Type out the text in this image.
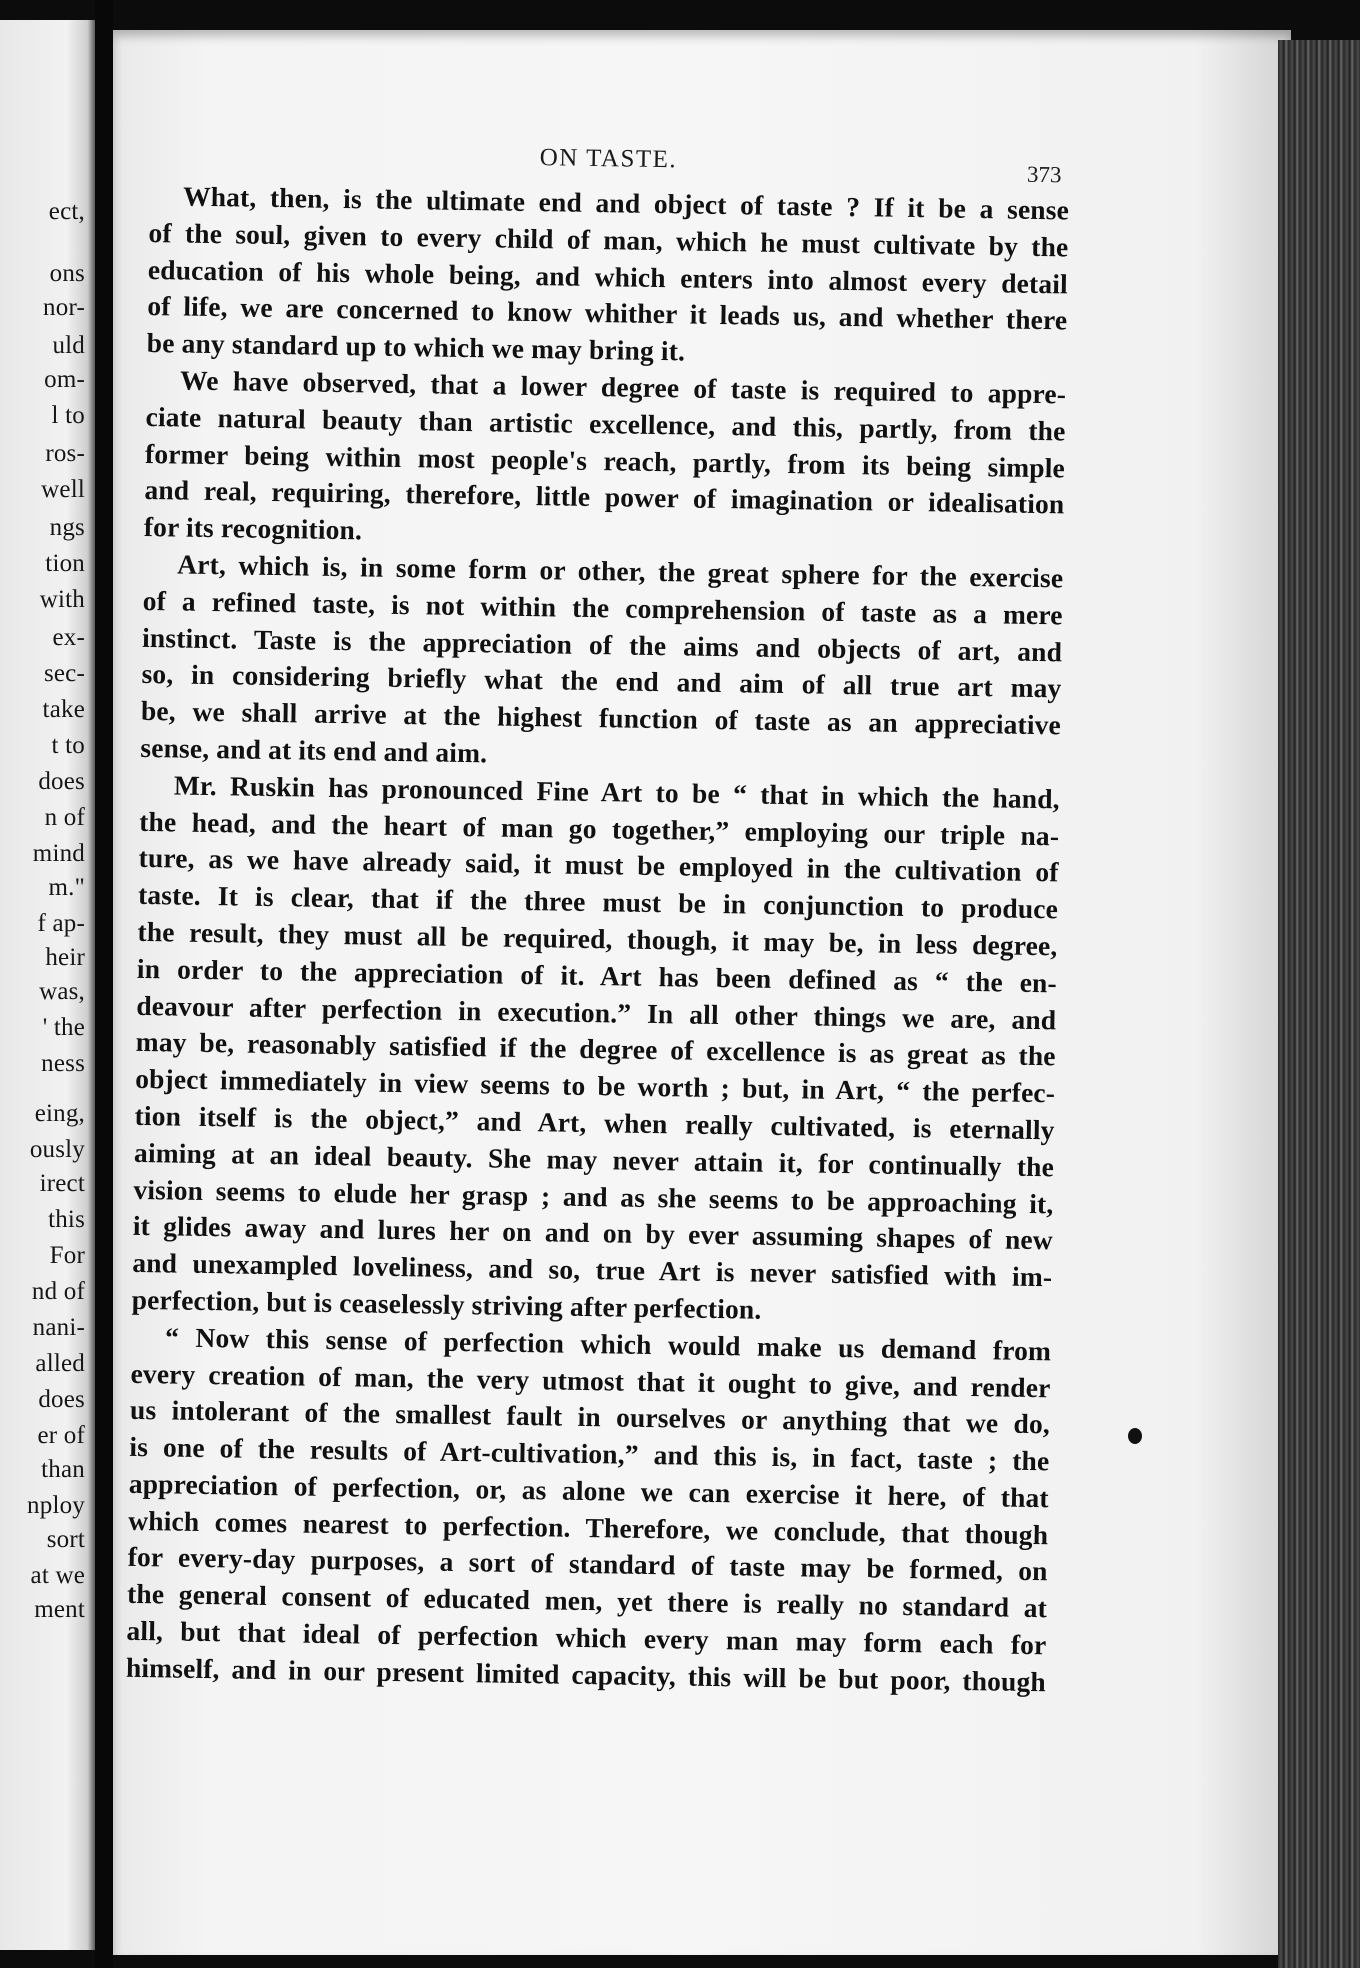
ect,
ons
nor-
uld
om-
l to
ros-
well
ngs
tion
with
ex-
sec-
take
t to
does
n of
mind
m."
f ap-
heir
was,
' the
ness
eing,
ously
irect
this
For
nd of
nani-
alled
does
er of
than
nploy
sort
at we
ment
ON TASTE.
373

What, then, is the ultimate end and object of taste ? If it be a sense
of the soul, given to every child of man, which he must cultivate by the
education of his whole being, and which enters into almost every detail
of life, we are concerned to know whither it leads us, and whether there
be any standard up to which we may bring it.

We have observed, that a lower degree of taste is required to appre-
ciate natural beauty than artistic excellence, and this, partly, from the
former being within most people's reach, partly, from its being simple
and real, requiring, therefore, little power of imagination or idealisation
for its recognition.

Art, which is, in some form or other, the great sphere for the exercise
of a refined taste, is not within the comprehension of taste as a mere
instinct. Taste is the appreciation of the aims and objects of art, and
so, in considering briefly what the end and aim of all true art may
be, we shall arrive at the highest function of taste as an appreciative
sense, and at its end and aim.

Mr. Ruskin has pronounced Fine Art to be “ that in which the hand,
the head, and the heart of man go together,” employing our triple na-
ture, as we have already said, it must be employed in the cultivation of
taste. It is clear, that if the three must be in conjunction to produce
the result, they must all be required, though, it may be, in less degree,
in order to the appreciation of it. Art has been defined as “ the en-
deavour after perfection in execution.” In all other things we are, and
may be, reasonably satisfied if the degree of excellence is as great as the
object immediately in view seems to be worth ; but, in Art, “ the perfec-
tion itself is the object,” and Art, when really cultivated, is eternally
aiming at an ideal beauty. She may never attain it, for continually the
vision seems to elude her grasp ; and as she seems to be approaching it,
it glides away and lures her on and on by ever assuming shapes of new
and unexampled loveliness, and so, true Art is never satisfied with im-
perfection, but is ceaselessly striving after perfection.

“ Now this sense of perfection which would make us demand from
every creation of man, the very utmost that it ought to give, and render
us intolerant of the smallest fault in ourselves or anything that we do,
is one of the results of Art-cultivation,” and this is, in fact, taste ; the
appreciation of perfection, or, as alone we can exercise it here, of that
which comes nearest to perfection. Therefore, we conclude, that though
for every-day purposes, a sort of standard of taste may be formed, on
the general consent of educated men, yet there is really no standard at
all, but that ideal of perfection which every man may form each for
himself, and in our present limited capacity, this will be but poor, though
